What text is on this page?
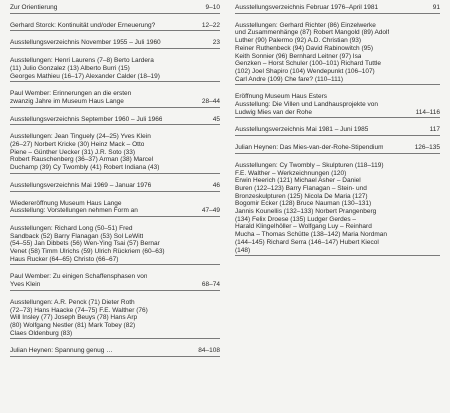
Zur Orientierung	9–10
Gerhard Storck: Kontinuität und/oder Erneuerung?	12–22
Ausstellungsverzeichnis November 1955 – Juli 1960	23
Ausstellungen: Henri Laurens (7–8) Berto Lardera
(11) Julio Gonzalez (13) Alberto Burri (15)
Georges Mathieu (16–17) Alexander Calder (18–19)
Paul Wember: Erinnerungen an die ersten
zwanzig Jahre im Museum Haus Lange	28–44
Ausstellungsverzeichnis September 1960 – Juli 1966	45
Ausstellungen: Jean Tinguely (24–25) Yves Klein
(26–27) Norbert Kricke (30) Heinz Mack – Otto
Piene – Günther Uecker (31) J.R. Soto (33)
Robert Rauschenberg (36–37) Arman (38) Marcel
Duchamp (39) Cy Twombly (41) Robert Indiana (43)
Ausstellungsverzeichnis Mai 1969 – Januar 1976	46
Wiedereröffnung Museum Haus Lange
Ausstellung: Vorstellungen nehmen Form an	47–49
Ausstellungen: Richard Long (50–51) Fred
Sandback (52) Barry Flanagan (53) Sol LeWitt
(54–55) Jan Dibbets (56) Wen-Ying Tsai (57) Bernar
Venet (58) Timm Ulrichs (59) Ulrich Rückriem (60–63)
Haus Rucker (64–65) Christo (66–67)
Paul Wember: Zu einigen Schaffensphasen von
Yves Klein	68–74
Ausstellungen: A.R. Penck (71) Dieter Roth
(72–73) Hans Haacke (74–75) F.E. Walther (76)
Will Insley (77) Joseph Beuys (78) Hans Arp
(80) Wolfgang Nestler (81) Mark Tobey (82)
Claes Oldenburg (83)
Julian Heynen: Spannung genug …	84–108
Ausstellungsverzeichnis Februar 1976–April 1981	91
Ausstellungen: Gerhard Richter (86) Einzelwerke
und Zusammenhänge (87) Robert Mangold (89) Adolf
Luther (90) Palermo (92) A.D. Christian (93)
Reiner Ruthenbeck (94) David Rabinowitch (95)
Keith Sonnier (96) Bernhard Leitner (97) Isa
Genzken – Horst Schuler (100–101) Richard Tuttle
(102) Joel Shapiro (104) Wendepunkt (106–107)
Carl Andre (109) Che fare? (110–111)
Eröffnung Museum Haus Esters
Ausstellung: Die Villen und Landhausprojekte von
Ludwig Mies van der Rohe	114–116
Ausstellungsverzeichnis Mai 1981 – Juni 1985	117
Julian Heynen: Das Mies-van-der-Rohe-Stipendium	126–135
Ausstellungen: Cy Twombly – Skulpturen (118–119)
F.E. Walther – Werkzeichnungen (120)
Erwin Heerich (121) Michael Asher – Daniel
Buren (122–123) Barry Flanagan – Stein- und
Bronzeskulpturen (125) Nicola De Maria (127)
Bogomir Ecker (128) Bruce Nauman (130–131)
Jannis Kounellis (132–133) Norbert Prangenberg
(134) Felix Droese (135) Ludger Gerdes –
Harald Klingelhöller – Wolfgang Luy – Reinhard
Mucha – Thomas Schütte (138–142) Maria Nordman
(144–145) Richard Serra (146–147) Hubert Kiecol
(148)
